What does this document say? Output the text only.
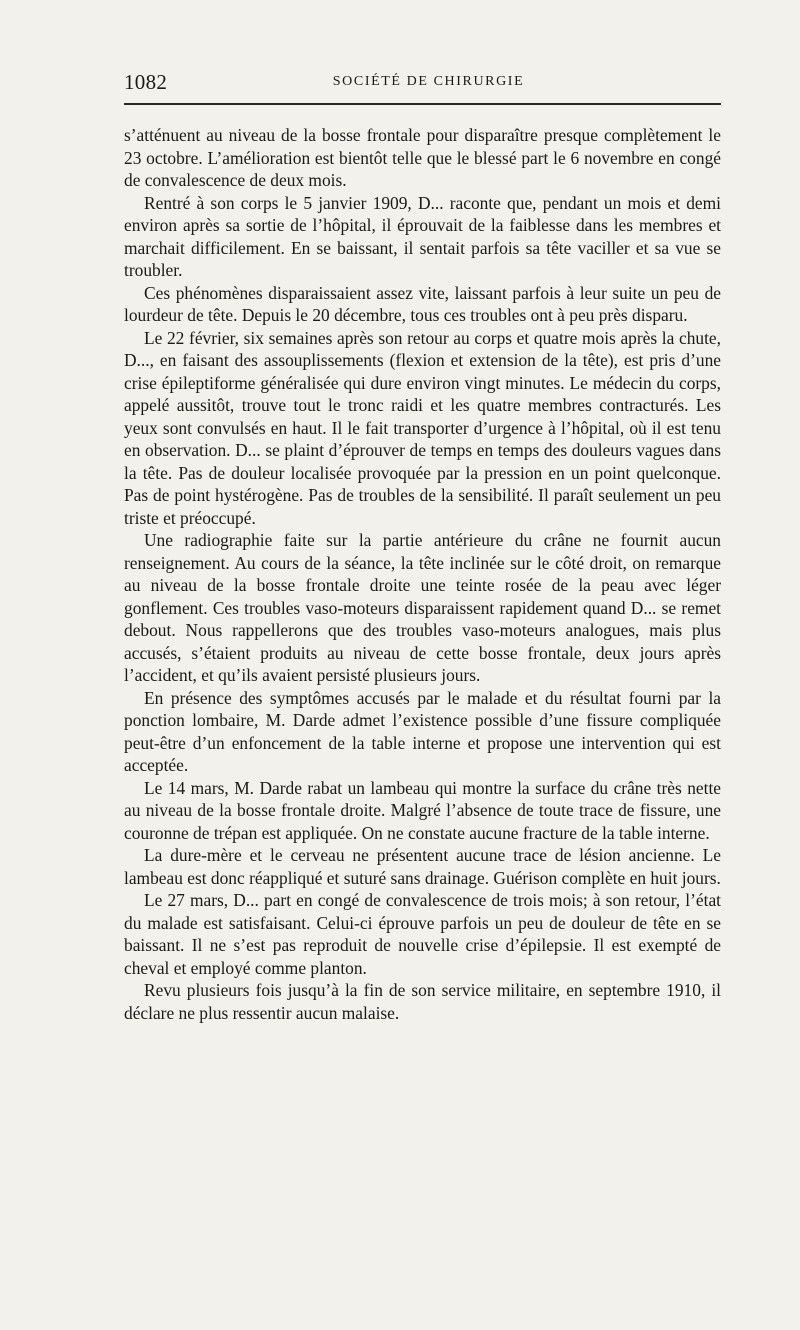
1082	SOCIÉTÉ DE CHIRURGIE

s’atténuent au niveau de la bosse frontale pour disparaître presque complètement le 23 octobre. L’amélioration est bientôt telle que le blessé part le 6 novembre en congé de convalescence de deux mois.

Rentré à son corps le 5 janvier 1909, D... raconte que, pendant un mois et demi environ après sa sortie de l’hôpital, il éprouvait de la faiblesse dans les membres et marchait difficilement. En se baissant, il sentait parfois sa tête vaciller et sa vue se troubler.

Ces phénomènes disparaissaient assez vite, laissant parfois à leur suite un peu de lourdeur de tête. Depuis le 20 décembre, tous ces troubles ont à peu près disparu.

Le 22 février, six semaines après son retour au corps et quatre mois après la chute, D..., en faisant des assouplissements (flexion et extension de la tête), est pris d’une crise épileptiforme généralisée qui dure environ vingt minutes. Le médecin du corps, appelé aussitôt, trouve tout le tronc raidi et les quatre membres contracturés. Les yeux sont convulsés en haut. Il le fait transporter d’urgence à l’hôpital, où il est tenu en observation. D... se plaint d’éprouver de temps en temps des douleurs vagues dans la tête. Pas de douleur localisée provoquée par la pression en un point quelconque. Pas de point hystérogène. Pas de troubles de la sensibilité. Il paraît seulement un peu triste et préoccupé.

Une radiographie faite sur la partie antérieure du crâne ne fournit aucun renseignement. Au cours de la séance, la tête inclinée sur le côté droit, on remarque au niveau de la bosse frontale droite une teinte rosée de la peau avec léger gonflement. Ces troubles vaso-moteurs disparaissent rapidement quand D... se remet debout. Nous rappellerons que des troubles vaso-moteurs analogues, mais plus accusés, s’étaient produits au niveau de cette bosse frontale, deux jours après l’accident, et qu’ils avaient persisté plusieurs jours.

En présence des symptômes accusés par le malade et du résultat fourni par la ponction lombaire, M. Darde admet l’existence possible d’une fissure compliquée peut-être d’un enfoncement de la table interne et propose une intervention qui est acceptée.

Le 14 mars, M. Darde rabat un lambeau qui montre la surface du crâne très nette au niveau de la bosse frontale droite. Malgré l’absence de toute trace de fissure, une couronne de trépan est appliquée. On ne constate aucune fracture de la table interne.

La dure-mère et le cerveau ne présentent aucune trace de lésion ancienne. Le lambeau est donc réappliqué et suturé sans drainage. Guérison complète en huit jours.

Le 27 mars, D... part en congé de convalescence de trois mois; à son retour, l’état du malade est satisfaisant. Celui-ci éprouve parfois un peu de douleur de tête en se baissant. Il ne s’est pas reproduit de nouvelle crise d’épilepsie. Il est exempté de cheval et employé comme planton.

Revu plusieurs fois jusqu’à la fin de son service militaire, en septembre 1910, il déclare ne plus ressentir aucun malaise.
